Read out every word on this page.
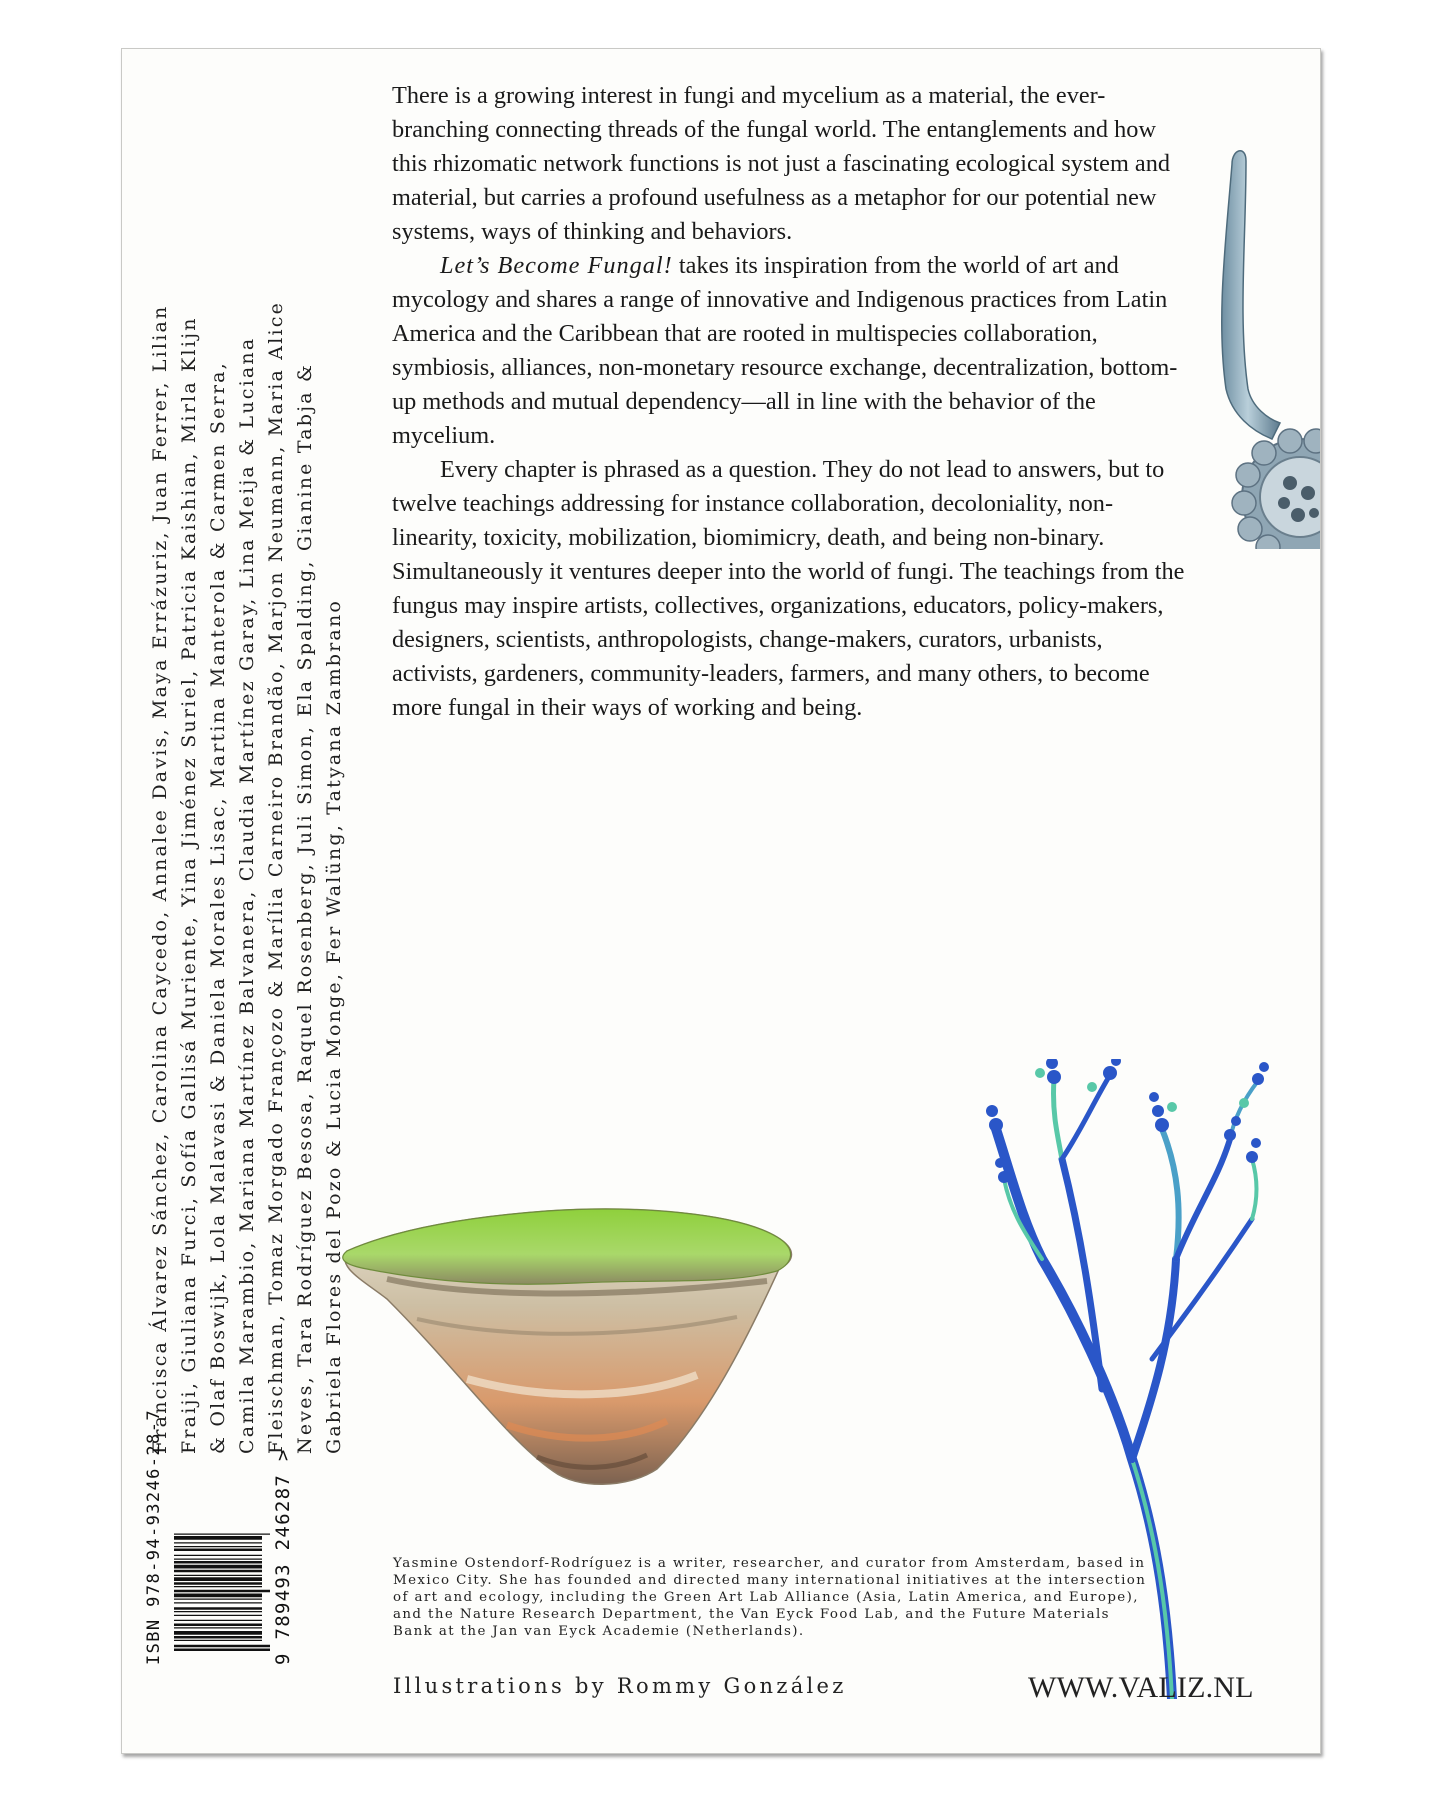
Francisca Álvarez Sánchez, Carolina Caycedo, Annalee Davis, Maya Errázuriz, Juan Ferrer, Lilian Fraiji, Giuliana Furci, Sofía Gallisá Muriente, Yina Jiménez Suriel, Patricia Kaishian, Mirla Klijn & Olaf Boswijk, Lola Malavasi & Daniela Morales Lisac, Martina Manterola & Carmen Serra, Camila Marambio, Mariana Martínez Balvanera, Claudia Martínez Garay, Lina Meija & Luciana Fleischman, Tomaz Morgado Françozo & Marília Carneiro Brandão, Marjon Neumann, Maria Alice Neves, Tara Rodríguez Besosa, Raquel Rosenberg, Juli Simon, Ela Spalding, Gianine Tabja & Gabriela Flores del Pozo & Lucia Monge, Fer Walüng, Tatyana Zambrano
ISBN 978-94-93246-28-7	9 789493 246287 >

There is a growing interest in fungi and mycelium as a material, the ever-branching connecting threads of the fungal world. The entanglements and how this rhizomatic network functions is not just a fascinating ecological system and material, but carries a profound usefulness as a metaphor for our potential new systems, ways of thinking and behaviors.

Let’s Become Fungal! takes its inspiration from the world of art and mycology and shares a range of innovative and Indigenous practices from Latin America and the Caribbean that are rooted in multispecies collaboration, symbiosis, alliances, non-monetary resource exchange, decentralization, bottom-up methods and mutual dependency—all in line with the behavior of the mycelium.

Every chapter is phrased as a question. They do not lead to answers, but to twelve teachings addressing for instance collaboration, decoloniality, non-linearity, toxicity, mobilization, biomimicry, death, and being non-binary. Simultaneously it ventures deeper into the world of fungi. The teachings from the fungus may inspire artists, collectives, organizations, educators, policy-makers, designers, scientists, anthropologists, change-makers, curators, urbanists, activists, gardeners, community-leaders, farmers, and many others, to become more fungal in their ways of working and being.

Yasmine Ostendorf-Rodríguez is a writer, researcher, and curator from Amsterdam, based in Mexico City. She has founded and directed many international initiatives at the intersection of art and ecology, including the Green Art Lab Alliance (Asia, Latin America, and Europe), and the Nature Research Department, the Van Eyck Food Lab, and the Future Materials Bank at the Jan van Eyck Academie (Netherlands).
Illustrations by Rommy González	WWW.VALIZ.NL
